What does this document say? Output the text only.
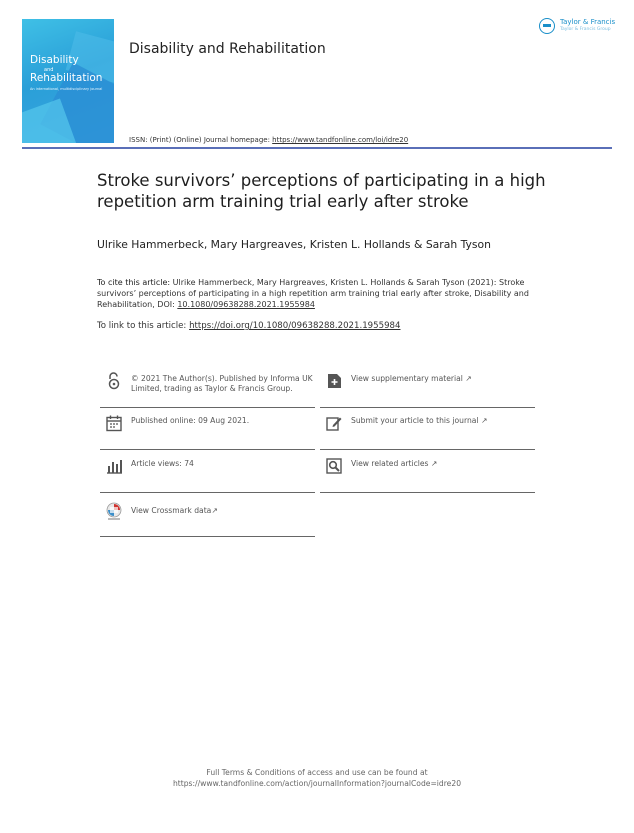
Disability
and
Rehabilitation
An international, multidisciplinary journal
Disability and Rehabilitation
Taylor & Francis
Taylor & Francis Group
ISSN: (Print) (Online) Journal homepage: https://www.tandfonline.com/loi/idre20
Stroke survivors’ perceptions of participating in a high repetition arm training trial early after stroke
Ulrike Hammerbeck, Mary Hargreaves, Kristen L. Hollands & Sarah Tyson
To cite this article: Ulrike Hammerbeck, Mary Hargreaves, Kristen L. Hollands & Sarah Tyson (2021): Stroke survivors’ perceptions of participating in a high repetition arm training trial early after stroke, Disability and Rehabilitation, DOI: 10.1080/09638288.2021.1955984
To link to this article: https://doi.org/10.1080/09638288.2021.1955984
© 2021 The Author(s). Published by Informa UK Limited, trading as Taylor & Francis Group.
View supplementary material ↗
Published online: 09 Aug 2021.	Submit your article to this journal ↗
Article views: 74	View related articles ↗
View Crossmark data↗
Full Terms & Conditions of access and use can be found at
https://www.tandfonline.com/action/journalInformation?journalCode=idre20
